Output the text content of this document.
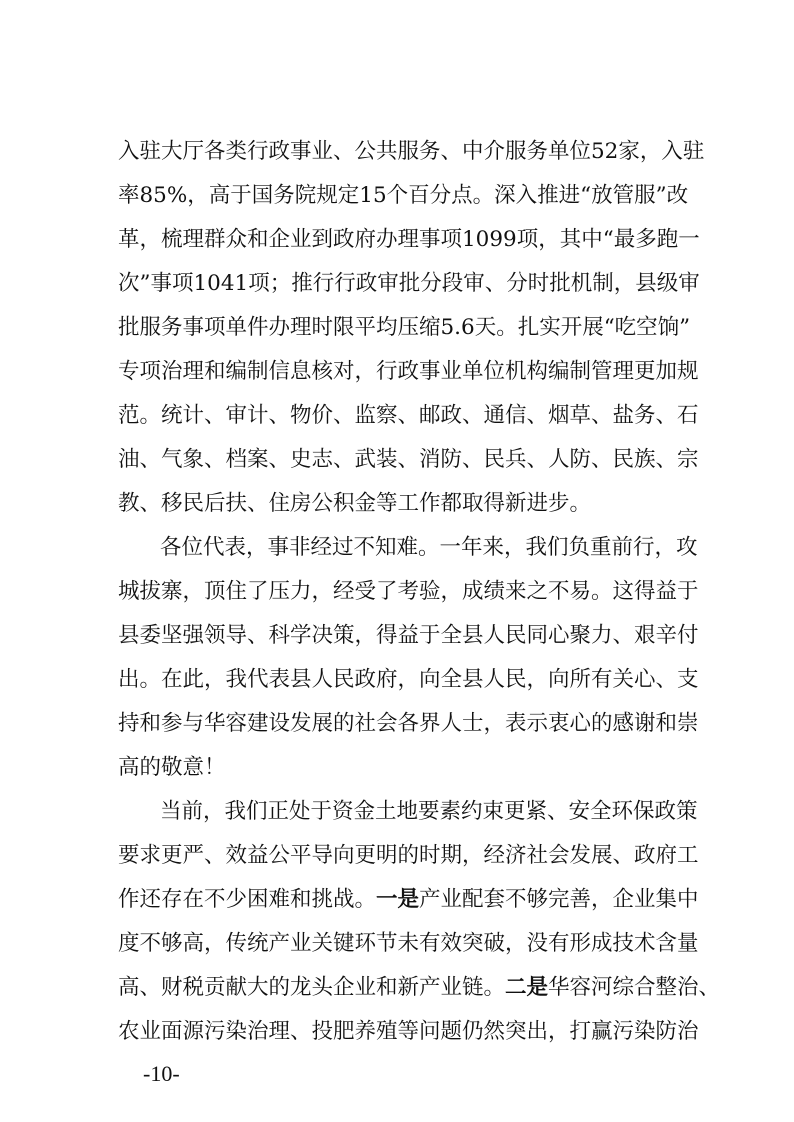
入驻大厅各类行政事业、公共服务、中介服务单位52家，入驻
率85%，高于国务院规定15个百分点。深入推进“放管服”改
革，梳理群众和企业到政府办理事项1099项，其中“最多跑一
次”事项1041项；推行行政审批分段审、分时批机制，县级审
批服务事项单件办理时限平均压缩5.6天。扎实开展“吃空饷”
专项治理和编制信息核对，行政事业单位机构编制管理更加规
范。统计、审计、物价、监察、邮政、通信、烟草、盐务、石
油、气象、档案、史志、武装、消防、民兵、人防、民族、宗
教、移民后扶、住房公积金等工作都取得新进步。
各位代表，事非经过不知难。一年来，我们负重前行，攻
城拔寨，顶住了压力，经受了考验，成绩来之不易。这得益于
县委坚强领导、科学决策，得益于全县人民同心聚力、艰辛付
出。在此，我代表县人民政府，向全县人民，向所有关心、支
持和参与华容建设发展的社会各界人士，表示衷心的感谢和崇
高的敬意！
当前，我们正处于资金土地要素约束更紧、安全环保政策
要求更严、效益公平导向更明的时期，经济社会发展、政府工
作还存在不少困难和挑战。一是产业配套不够完善，企业集中
度不够高，传统产业关键环节未有效突破，没有形成技术含量
高、财税贡献大的龙头企业和新产业链。二是华容河综合整治、
农业面源污染治理、投肥养殖等问题仍然突出，打赢污染防治
-10-
